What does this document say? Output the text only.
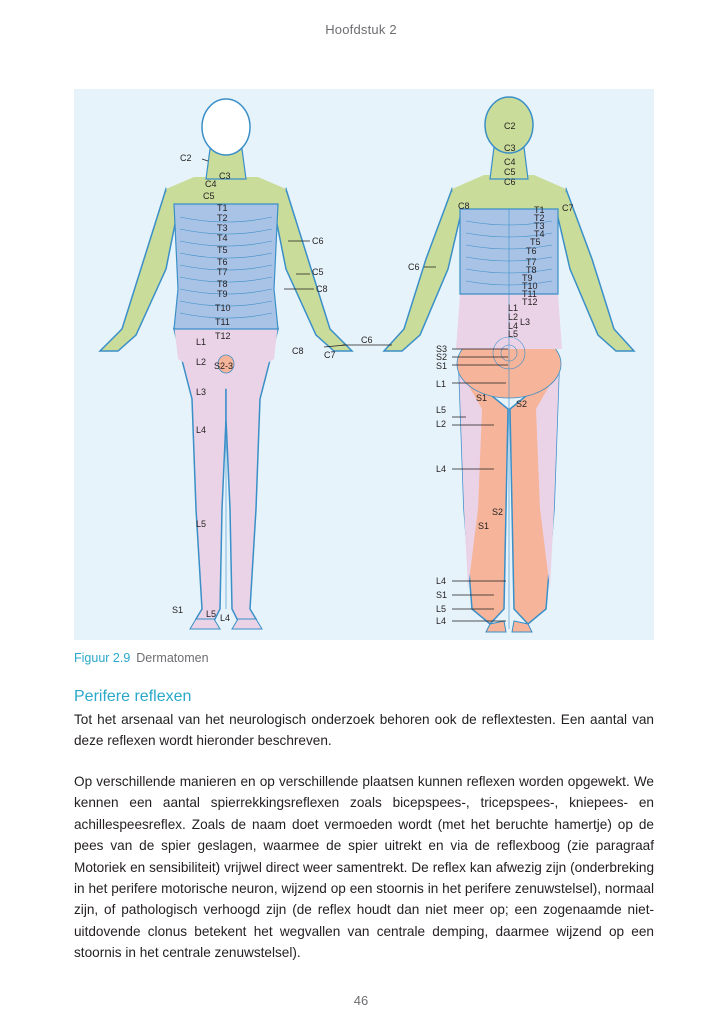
Hoofdstuk 2
C2
C3
C4
C5
T1
T2
T3
T4
T5
T6
T7
T8
T9
T10
T11
T12
L1
L2 S2-3
L3
L4
L5
S1	L5 L4
C6
C5
C8
C8 C7
C2
C3
C4
C5
C6
C8	C7
T1
T2
T3
T4
T5
T6
T7
T8
T9
T10
T11
T12
L1
L2
L4 L3
L5
C6
C6
S3
S2
S1
L1
S1
S2
L5
L2
L4
S2
S1
L4
S1
L5
L4
Figuur 2.9 Dermatomen
Perifere reflexen
Tot het arsenaal van het neurologisch onderzoek behoren ook de reflextesten. Een aantal van deze reflexen wordt hieronder beschreven.
Op verschillende manieren en op verschillende plaatsen kunnen reflexen worden opgewekt. We kennen een aantal spierrekkingsreflexen zoals bicepspees-, tricepspees-, kniepees- en achillespeesreflex. Zoals de naam doet vermoeden wordt (met het beruchte hamertje) op de pees van de spier geslagen, waarmee de spier uitrekt en via de reflexboog (zie paragraaf Motoriek en sensibiliteit) vrijwel direct weer samentrekt. De reflex kan afwezig zijn (onderbreking in het perifere motorische neuron, wijzend op een stoornis in het perifere zenuwstelsel), normaal zijn, of pathologisch verhoogd zijn (de reflex houdt dan niet meer op; een zogenaamde niet-uitdovende clonus betekent het wegvallen van centrale demping, daarmee wijzend op een stoornis in het centrale zenuwstelsel).
46
